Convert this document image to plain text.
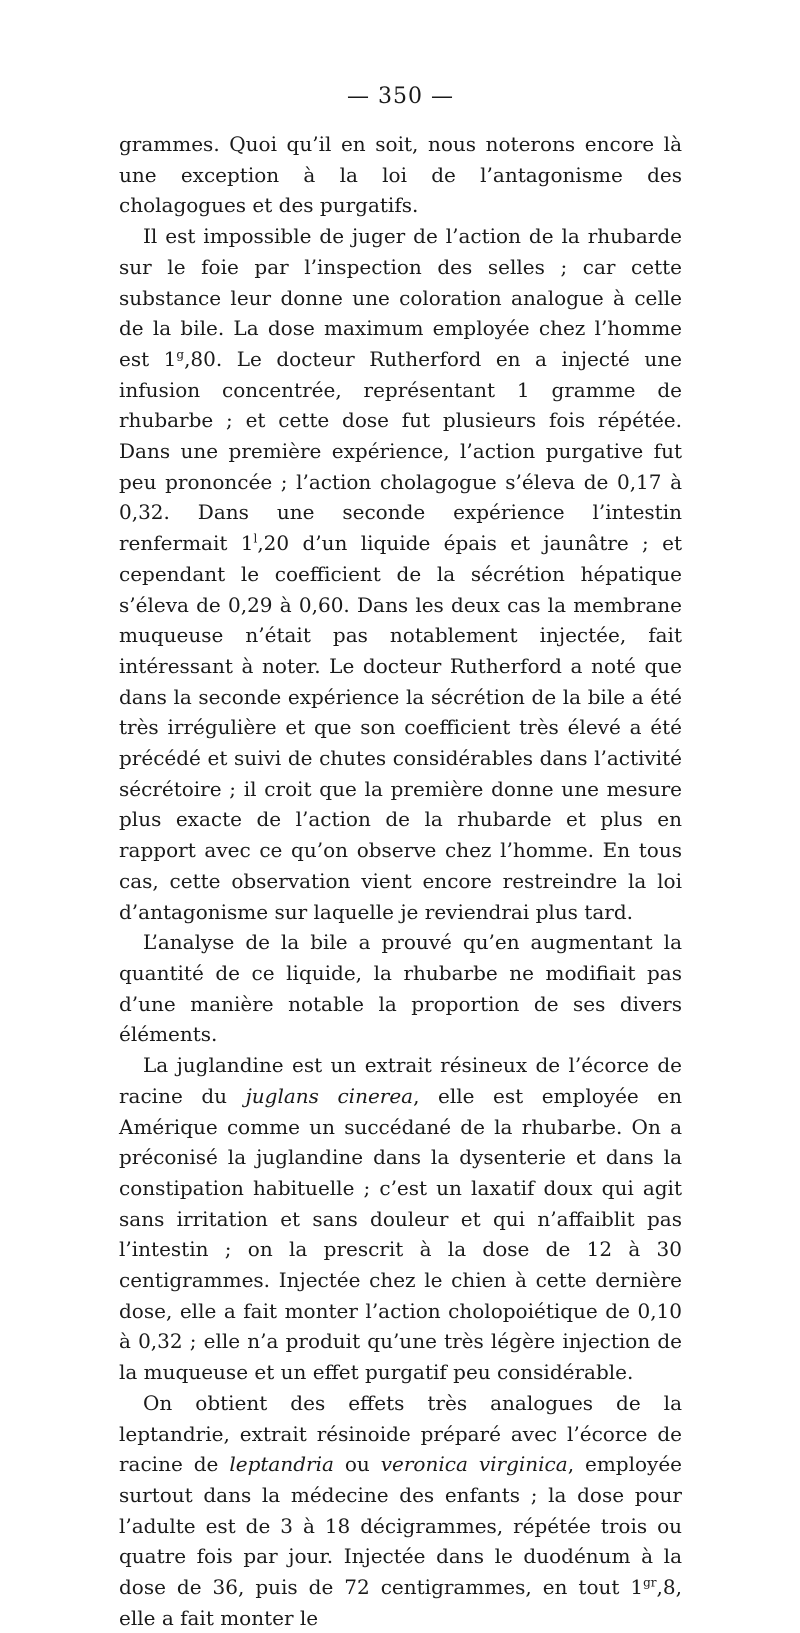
— 350 —

grammes. Quoi qu’il en soit, nous noterons encore là une exception à la loi de l’antagonisme des cholagogues et des purgatifs.

Il est impossible de juger de l’action de la rhubarde sur le foie par l’inspection des selles ; car cette substance leur donne une coloration analogue à celle de la bile. La dose maximum employée chez l’homme est 1$^g$,80. Le docteur Rutherford en a injecté une infusion concentrée, représentant 1 gramme de rhubarbe ; et cette dose fut plusieurs fois répétée. Dans une première expérience, l’action purgative fut peu prononcée ; l’action cholagogue s’éleva de 0,17 à 0,32. Dans une seconde expérience l’intestin renfermait 1$^l$,20 d’un liquide épais et jaunâtre ; et cependant le coefficient de la sécrétion hépatique s’éleva de 0,29 à 0,60. Dans les deux cas la membrane muqueuse n’était pas notablement injectée, fait intéressant à noter. Le docteur Rutherford a noté que dans la seconde expérience la sécrétion de la bile a été très irrégulière et que son coefficient très élevé a été précédé et suivi de chutes considérables dans l’activité sécrétoire ; il croit que la première donne une mesure plus exacte de l’action de la rhubarde et plus en rapport avec ce qu’on observe chez l’homme. En tous cas, cette observation vient encore restreindre la loi d’antagonisme sur laquelle je reviendrai plus tard.

L’analyse de la bile a prouvé qu’en augmentant la quantité de ce liquide, la rhubarbe ne modifiait pas d’une manière notable la proportion de ses divers éléments.

La juglandine est un extrait résineux de l’écorce de racine du juglans cinerea, elle est employée en Amérique comme un succédané de la rhubarbe. On a préconisé la juglandine dans la dysenterie et dans la constipation habituelle ; c’est un laxatif doux qui agit sans irritation et sans douleur et qui n’affaiblit pas l’intestin ; on la prescrit à la dose de 12 à 30 centigrammes. Injectée chez le chien à cette dernière dose, elle a fait monter l’action cholopoiétique de 0,10 à 0,32 ; elle n’a produit qu’une très légère injection de la muqueuse et un effet purgatif peu considérable.

On obtient des effets très analogues de la leptandrie, extrait résinoide préparé avec l’écorce de racine de leptandria ou veronica virginica, employée surtout dans la médecine des enfants ; la dose pour l’adulte est de 3 à 18 décigrammes, répétée trois ou quatre fois par jour. Injectée dans le duodénum à la dose de 36, puis de 72 centigrammes, en tout $1^{gr},8$, elle a fait monter le
